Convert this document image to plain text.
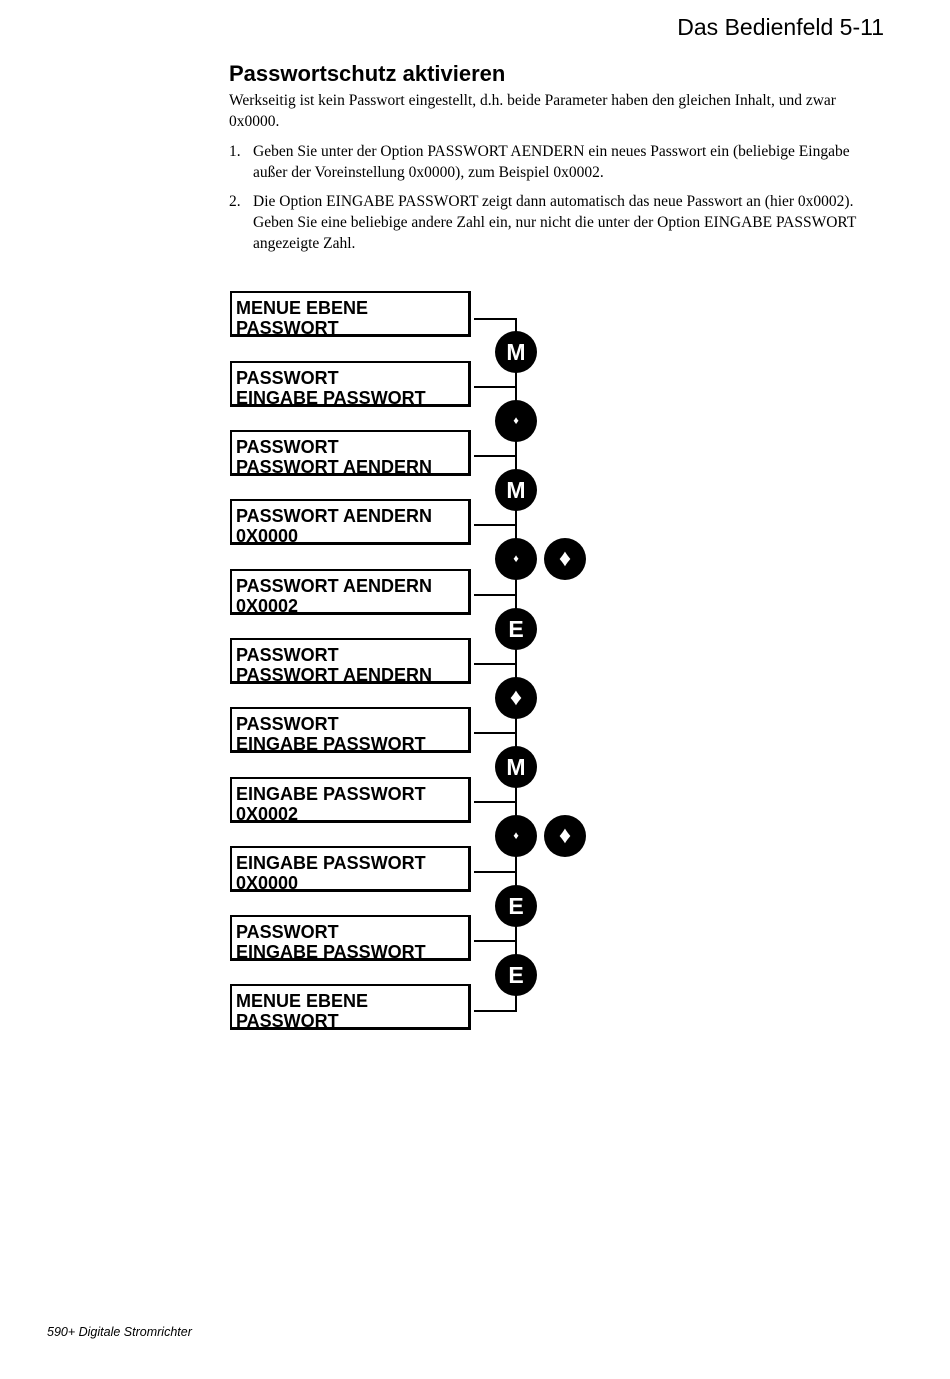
Das Bedienfeld 5-11
Passwortschutz aktivieren
Werkseitig ist kein Passwort eingestellt, d.h. beide Parameter haben den gleichen Inhalt, und zwar 0x0000.
1. Geben Sie unter der Option PASSWORT AENDERN ein neues Passwort ein (beliebige Eingabe außer der Voreinstellung 0x0000), zum Beispiel 0x0002.
2. Die Option EINGABE PASSWORT zeigt dann automatisch das neue Passwort an (hier 0x0002). Geben Sie eine beliebige andere Zahl ein, nur nicht die unter der Option EINGABE PASSWORT angezeigte Zahl.
MENUE EBENE
PASSWORT
PASSWORT
EINGABE PASSWORT
PASSWORT
PASSWORT AENDERN
PASSWORT AENDERN
0X0000
PASSWORT AENDERN
0X0002
PASSWORT
PASSWORT AENDERN
PASSWORT
EINGABE PASSWORT
EINGABE PASSWORT
0X0002
EINGABE PASSWORT
0X0000
PASSWORT
EINGABE PASSWORT
MENUE EBENE
PASSWORT
M
♦
M
♦	♦
E
♦
M
♦	♦
E
E
590+ Digitale Stromrichter
